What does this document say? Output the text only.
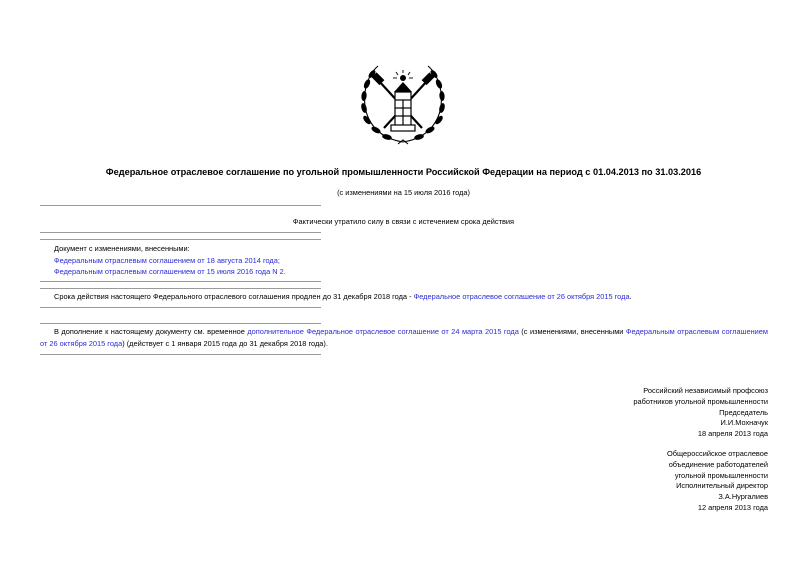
Федеральное отраслевое соглашение по угольной промышленности Российской Федерации на период с 01.04.2013 по 31.03.2016
(с изменениями на 15 июля 2016 года)
Фактически утратило силу в связи с истечением срока действия

Документ с изменениями, внесенными:

Федеральным отраслевым соглашением от 18 августа 2014 года;

Федеральным отраслевым соглашением от 15 июля 2016 года N 2.

Срока действия настоящего Федерального отраслевого соглашения продлен до 31 декабря 2018 года - Федеральное отраслевое соглашение от 26 октября 2015 года.

В дополнение к настоящему документу см. временное дополнительное Федеральное отраслевое соглашение от 24 марта 2015 года (с изменениями, внесенными Федеральным отраслевым соглашением от 26 октября 2015 года) (действует с 1 января 2015 года до 31 декабря 2018 года).

Российский независимый профсоюз
работников угольной промышленности
Председатель
И.И.Мохначук
18 апреля 2013 года
Общероссийское отраслевое
объединение работодателей
угольной промышленности
Исполнительный директор
З.А.Нургалиев
12 апреля 2013 года
